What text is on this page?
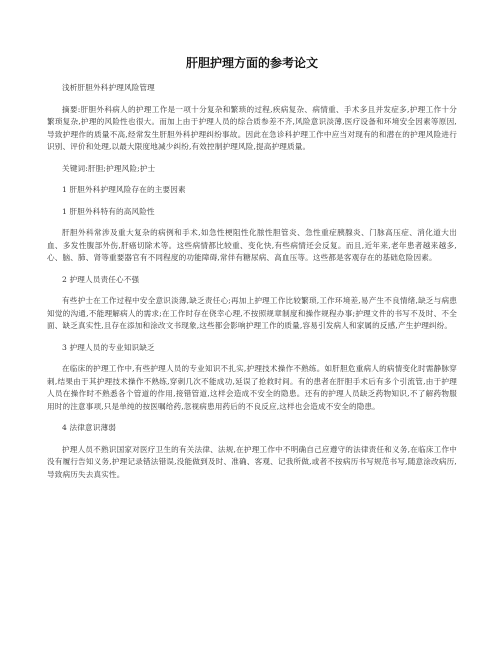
肝胆护理方面的参考论文

浅析肝胆外科护理风险管理

摘要:肝胆外科病人的护理工作是一项十分复杂和繁琐的过程,疾病复杂、病情重、手术多且并发症多,护理工作十分繁琐复杂,护理的风险性也很大。而加上由于护理人员的综合质参差不齐,风险意识淡薄,医疗设备和环境安全因素等原因,导致护理作的质量不高,经常发生肝胆外科护理纠纷事故。因此在急诊科护理工作中应当对现有的和潜在的护理风险进行识别、评价和处理,以最大限度地减少纠纷,有效控制护理风险,提高护理质量。

关键词:肝胆;护理风险;护士

1 肝胆外科护理风险存在的主要因素

1 肝胆外科特有的高风险性

肝胆外科常涉及重大复杂的病例和手术,如急性梗阻性化脓性胆管炎、急性重症胰腺炎、门脉高压症、消化道大出血、多发性腹部外伤,肝癌切除术等。这些病情都比较重、变化快,有些病情还会反复。而且,近年来,老年患者越来越多,心、脑、肺、肾等重要器官有不同程度的功能障碍,常伴有糖尿病、高血压等。这些都是客观存在的基础危险因素。

2 护理人员责任心不强

有些护士在工作过程中安全意识淡薄,缺乏责任心;再加上护理工作比较繁琐,工作环境差,易产生不良情绪,缺乏与病患知觉的沟通,不能理解病人的需求;在工作时存在侥幸心理,不按照规章制度和操作规程办事;护理文件的书写不及时、不全面、缺乏真实性,且存在添加和涂改文书现象,这些都会影响护理工作的质量,容易引发病人和家属的反感,产生护理纠纷。

3 护理人员的专业知识缺乏

在临床的护理工作中,有些护理人员的专业知识不扎实,护理技术操作不熟练。如肝胆危重病人的病情变化时需静脉穿刺,结果由于其护理技术操作不熟练,穿刺几次不能成功,延误了抢救时间。有的患者在肝胆手术后有多个引流管,由于护理人员在操作时不熟悉各个管道的作用,接错管道,这样会造成不安全的隐患。还有的护理人员缺乏药物知识,不了解药物服用时的注意事项,只是单纯的按医嘱给药,忽视病患用药后的不良反应,这样也会造成不安全的隐患。

4 法律意识薄弱

护理人员不熟识国家对医疗卫生的有关法律、法规,在护理工作中不明确自己应遵守的法律责任和义务,在临床工作中没有履行告知义务,护理记录错法错误,没能做到及时、准确、客观、记我所做,或者不按病历书写规范书写,随意涂改病历,导致病历失去真实性。
